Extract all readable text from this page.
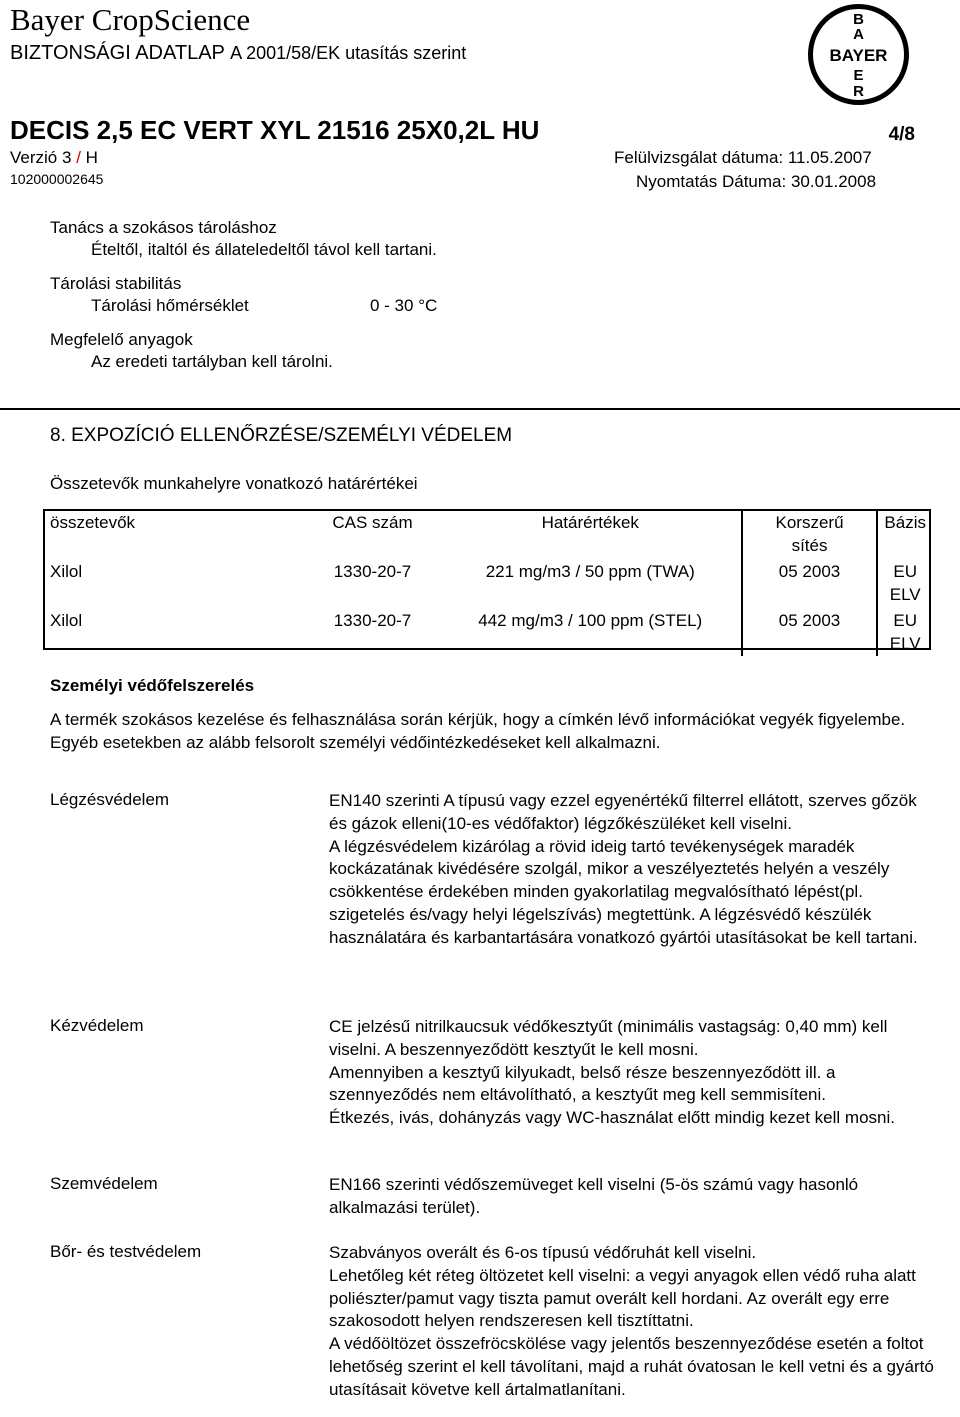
Bayer CropScience
BIZTONSÁGI ADATLAP A 2001/58/EK utasítás szerint
B
A
BAYER
E
R
DECIS 2,5 EC VERT XYL 21516 25X0,2L HU	4/8
Verzió 3 / H	Felülvizsgálat dátuma: 11.05.2007
102000002645	Nyomtatás Dátuma: 30.01.2008
Tanács a szokásos tároláshoz
Ételtől, italtól és állateledeltől távol kell tartani.
Tárolási stabilitás
Tárolási hőmérséklet	0 - 30 °C
Megfelelő anyagok
Az eredeti tartályban kell tárolni.
8. EXPOZÍCIÓ ELLENŐRZÉSE/SZEMÉLYI VÉDELEM
Összetevők munkahelyre vonatkozó határértékei
összetevők	CAS szám	Határértékek	Korszerű sítés	Bázis
Xilol	1330-20-7	221 mg/m3 / 50 ppm (TWA)	05 2003	EU ELV
Xilol	1330-20-7	442 mg/m3 / 100 ppm (STEL)	05 2003	EU ELV
Személyi védőfelszerelés
A termék szokásos kezelése és felhasználása során kérjük, hogy a címkén lévő információkat vegyék figyelembe. Egyéb esetekben az alább felsorolt személyi védőintézkedéseket kell alkalmazni.
Légzésvédelem	EN140 szerinti A típusú vagy ezzel egyenértékű filterrel ellátott, szerves gőzök és gázok elleni(10-es védőfaktor) légzőkészüléket kell viselni.
A légzésvédelem kizárólag a rövid ideig tartó tevékenységek maradék kockázatának kivédésére szolgál, mikor a veszélyeztetés helyén a veszély csökkentése érdekében minden gyakorlatilag megvalósítható lépést(pl. szigetelés és/vagy helyi légelszívás) megtettünk. A légzésvédő készülék használatára és karbantartására vonatkozó gyártói utasításokat be kell tartani.
Kézvédelem	CE jelzésű nitrilkaucsuk védőkesztyűt (minimális vastagság: 0,40 mm) kell viselni. A beszennyeződött kesztyűt le kell mosni.
Amennyiben a kesztyű kilyukadt, belső része beszennyeződött ill. a szennyeződés nem eltávolítható, a kesztyűt meg kell semmisíteni.
Étkezés, ivás, dohányzás vagy WC-használat előtt mindig kezet kell mosni.
Szemvédelem	EN166 szerinti védőszemüveget kell viselni (5-ös számú vagy hasonló alkalmazási terület).
Bőr- és testvédelem	Szabványos overált és 6-os típusú védőruhát kell viselni.
Lehetőleg két réteg öltözetet kell viselni: a vegyi anyagok ellen védő ruha alatt poliészter/pamut vagy tiszta pamut overált kell hordani. Az overált egy erre szakosodott helyen rendszeresen kell tisztíttatni.
A védőöltözet összefröcskölése vagy jelentős beszennyeződése esetén a foltot lehetőség szerint el kell távolítani, majd a ruhát óvatosan le kell vetni és a gyártó utasításait követve kell ártalmatlanítani.
